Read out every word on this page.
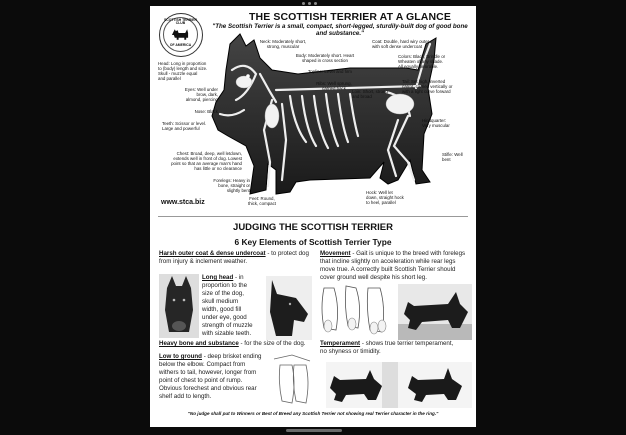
SCOTTISH TERRIER CLUB
OF AMERICA
THE SCOTTISH TERRIER AT A GLANCE
"The Scottish Terrier is a small, compact, short-legged, sturdily-built dog of good bone and substance."
Head: Long in proportion
to (body) length and size.
Skull - muzzle equal
and parallel
Eyes: Well under
brow, dark,
almond, piercing
Nose: Black
Teeth: Scissor or level.
Large and powerful
Chest: Broad, deep, well letdown,
extends well in front of dog. Lowest
point so that an average man's hand
has little or no clearance
Forelegs: Heavy in
bone, straight or
slightly bent
Feet: Round,
thick, compact
Neck: Moderately short,
strong, muscular
Body: Moderately short. Heart
shaped in cross section
Topline: Level and firm
Ribs: Well sprung,
carried back
Loin: Short, strong
and broad
Coat: Double, hard wiry outer
with soft dense undercoat
Colors: Black, Brindle or
Wheaten of any shade.
All equally desirable.
Tail: Set high, inverted
carrot, carried vertically or
with a light curve forward
Hindquarter:
Very muscular
Stifle: Well
bent
Hock: Well let
down, straight hock
to heel, parallel
www.stca.biz
JUDGING THE SCOTTISH TERRIER
6 Key Elements of Scottish Terrier Type
Harsh outer coat & dense undercoat - to protect dog
from injury & inclement weather.
Movement - Gait is unique to the breed with forelegs
that incline slightly on acceleration while rear legs
move true. A correctly built Scottish Terrier should
cover ground well despite his short leg.
Long head - in
proportion to the
size of the dog,
skull medium
width, good fill
under eye, good
strength of muzzle
with sizable teeth.
Heavy bone and substance - for the size of the dog.	Temperament - shows true terrier temperament,
no shyness or timidity.
Low to ground - deep brisket ending
below the elbow. Compact from
withers to tail, however, longer from
point of chest to point of rump.
Obvious forechest and obvious rear
shelf add to length.
"No judge shall put to Winners or Best of Breed any Scottish Terrier not showing real Terrier character in the ring."
